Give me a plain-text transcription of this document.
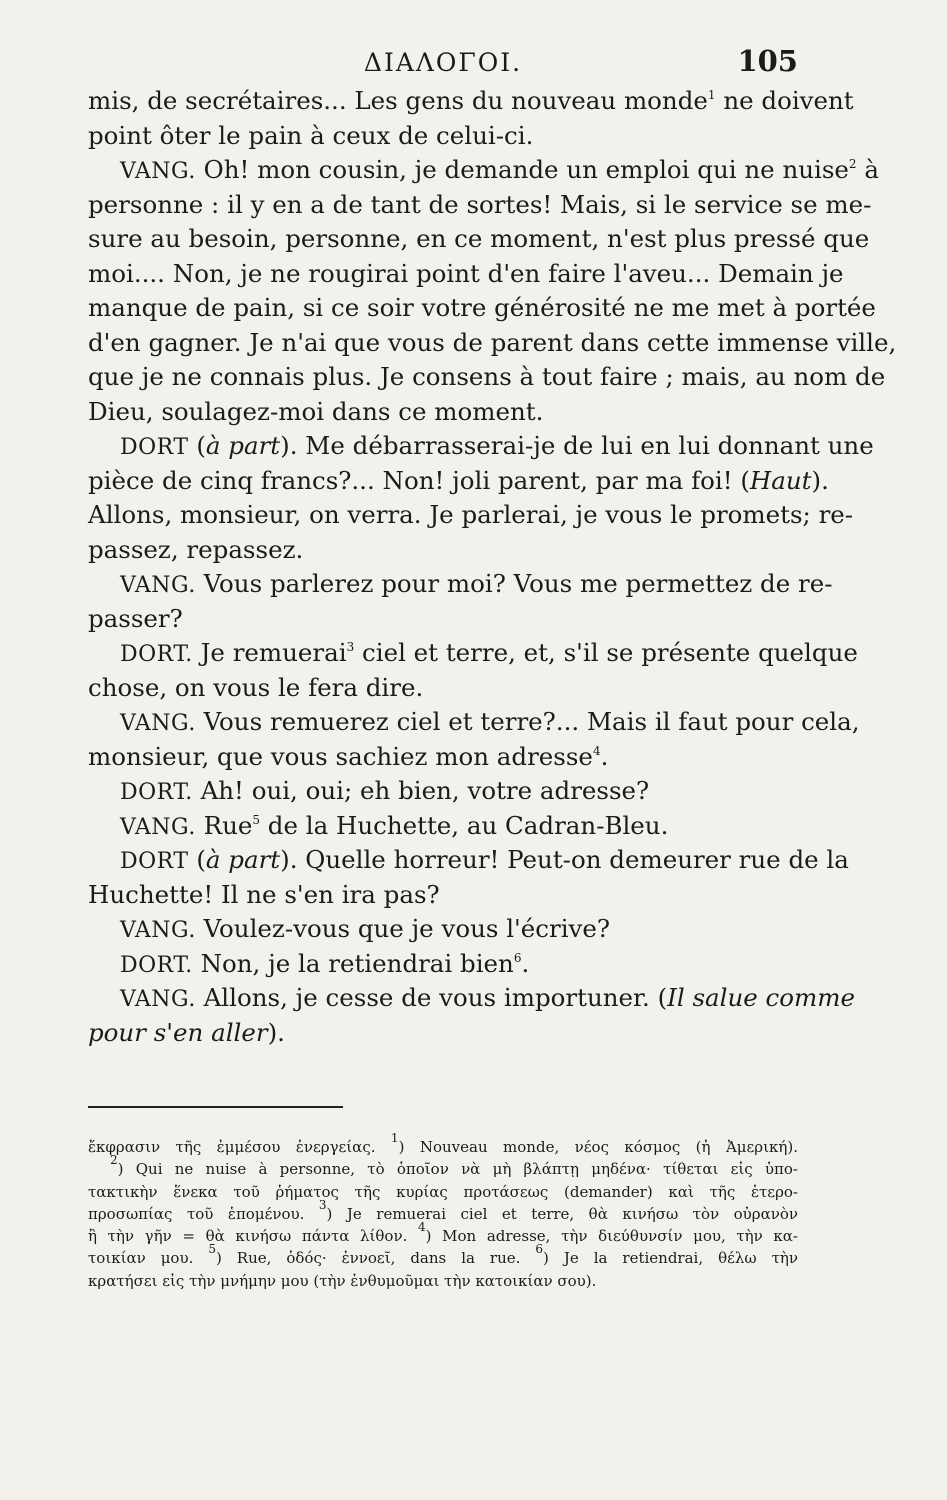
ΔΙΑΛΟΓΟΙ.	105
mis, de secrétaires... Les gens du nouveau monde$^1$ ne doivent
point ôter le pain à ceux de celui-ci.
VANG. Oh! mon cousin, je demande un emploi qui ne nuise$^2$ à
personne : il y en a de tant de sortes! Mais, si le service se me-
sure au besoin, personne, en ce moment, n'est plus pressé que
moi.... Non, je ne rougirai point d'en faire l'aveu... Demain je
manque de pain, si ce soir votre générosité ne me met à portée
d'en gagner. Je n'ai que vous de parent dans cette immense ville,
que je ne connais plus. Je consens à tout faire ; mais, au nom de
Dieu, soulagez-moi dans ce moment.
DORT (à part). Me débarrasserai-je de lui en lui donnant une
pièce de cinq francs?... Non! joli parent, par ma foi! (Haut).
Allons, monsieur, on verra. Je parlerai, je vous le promets; re-
passez, repassez.
VANG. Vous parlerez pour moi? Vous me permettez de re-
passer?
DORT. Je remuerai$^3$ ciel et terre, et, s'il se présente quelque
chose, on vous le fera dire.
VANG. Vous remuerez ciel et terre?... Mais il faut pour cela,
monsieur, que vous sachiez mon adresse$^4$.
DORT. Ah! oui, oui; eh bien, votre adresse?
VANG. Rue$^5$ de la Huchette, au Cadran-Bleu.
DORT (à part). Quelle horreur! Peut-on demeurer rue de la
Huchette! Il ne s'en ira pas?
VANG. Voulez-vous que je vous l'écrive?
DORT. Non, je la retiendrai bien$^6$.
VANG. Allons, je cesse de vous importuner. (Il salue comme
pour s'en aller).
ἔκφρασιν τῆς ἐμμέσου ἐνεργείας. $^1$) Nouveau monde, νέος κόσμος (ἡ Ἀμερική).
$^2$) Qui ne nuise à personne, τὸ ὁποῖον νὰ μὴ βλάπτῃ μηδένα· τίθεται εἰς ὑπο-
τακτικὴν ἕνεκα τοῦ ῥήματος τῆς κυρίας προτάσεως (demander) καὶ τῆς ἑτερο-
προσωπίας τοῦ ἑπομένου. $^3$) Je remuerai ciel et terre, θὰ κινήσω τὸν οὐρανὸν
ἢ τὴν γῆν = θὰ κινήσω πάντα λίθον. $^4$) Mon adresse, τὴν διεύθυνσίν μου, τὴν κα-
τοικίαν μου. $^5$) Rue, ὁδός· ἐννοεῖ, dans la rue. $^6$) Je la retiendrai, θέλω τὴν
κρατήσει εἰς τὴν μνήμην μου (τὴν ἐνθυμοῦμαι τὴν κατοικίαν σου).
